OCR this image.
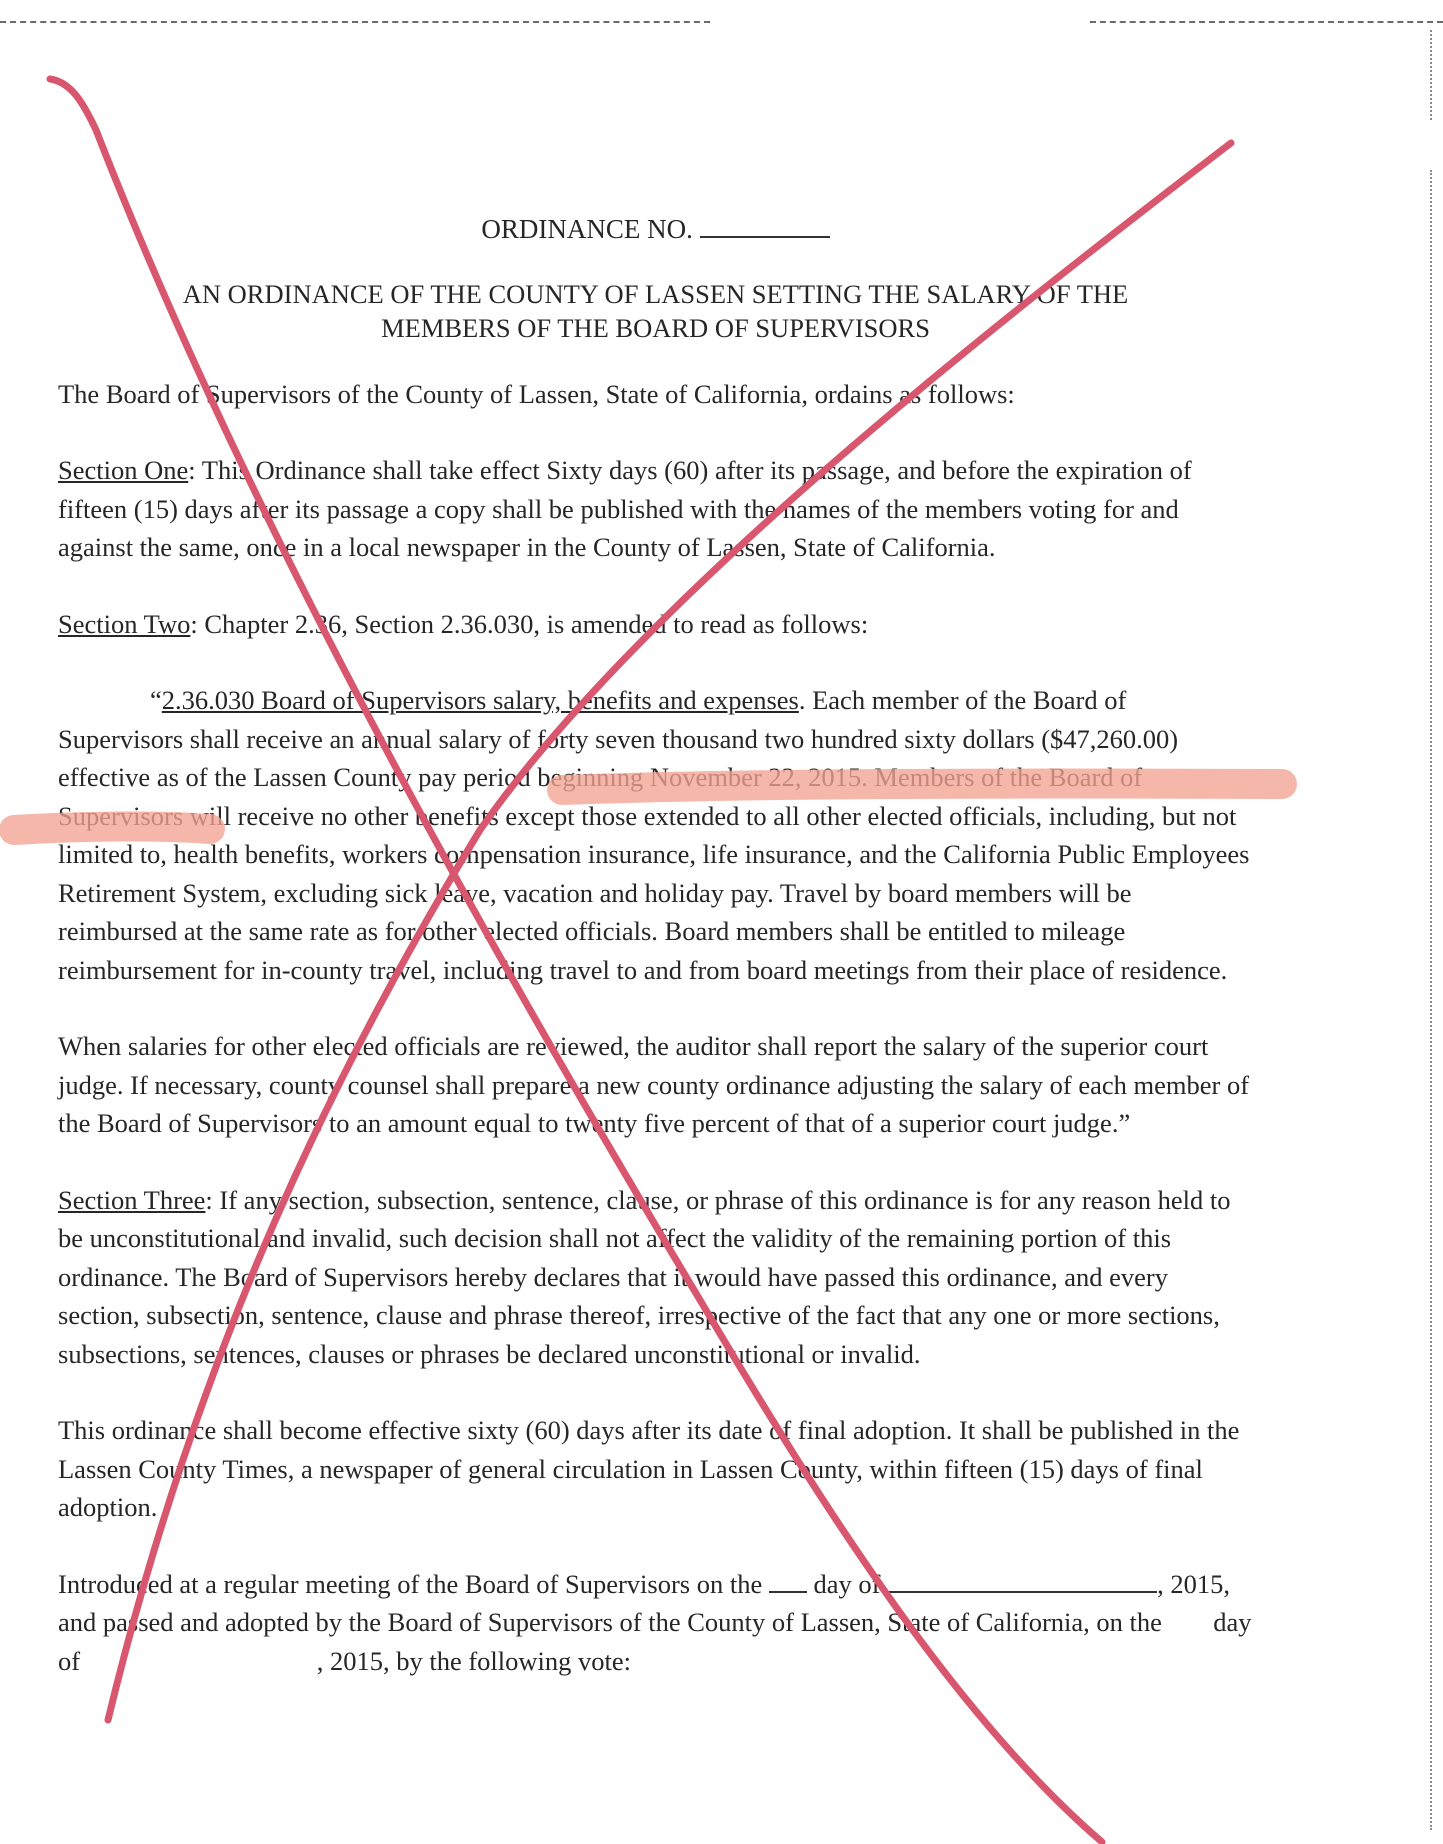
ORDINANCE NO.
AN ORDINANCE OF THE COUNTY OF LASSEN SETTING THE SALARY OF THE
MEMBERS OF THE BOARD OF SUPERVISORS

The Board of Supervisors of the County of Lassen, State of California, ordains as follows:

Section One: This Ordinance shall take effect Sixty days (60) after its passage, and before the expiration of fifteen (15) days after its passage a copy shall be published with the names of the members voting for and against the same, once in a local newspaper in the County of Lassen, State of California.

Section Two: Chapter 2.36, Section 2.36.030, is amended to read as follows:

“2.36.030 Board of Supervisors salary, benefits and expenses. Each member of the Board of Supervisors shall receive an annual salary of forty seven thousand two hundred sixty dollars ($47,260.00) effective as of the Lassen County pay period beginning November 22, 2015. Members of the Board of Supervisors will receive no other benefits except those extended to all other elected officials, including, but not limited to, health benefits, workers compensation insurance, life insurance, and the California Public Employees Retirement System, excluding sick leave, vacation and holiday pay. Travel by board members will be reimbursed at the same rate as for other elected officials. Board members shall be entitled to mileage reimbursement for in-county travel, including travel to and from board meetings from their place of residence.

When salaries for other elected officials are reviewed, the auditor shall report the salary of the superior court judge. If necessary, county counsel shall prepare a new county ordinance adjusting the salary of each member of the Board of Supervisors to an amount equal to twenty five percent of that of a superior court judge.”

Section Three: If any section, subsection, sentence, clause, or phrase of this ordinance is for any reason held to be unconstitutional and invalid, such decision shall not affect the validity of the remaining portion of this ordinance. The Board of Supervisors hereby declares that it would have passed this ordinance, and every section, subsection, sentence, clause and phrase thereof, irrespective of the fact that any one or more sections, subsections, sentences, clauses or phrases be declared unconstitutional or invalid.

This ordinance shall become effective sixty (60) days after its date of final adoption. It shall be published in the Lassen County Times, a newspaper of general circulation in Lassen County, within fifteen (15) days of final adoption.

Introduced at a regular meeting of the Board of Supervisors on the day of	, 2015, and passed and adopted by the Board of Supervisors of the County of Lassen, State of California, on the day of	, 2015, by the following vote:
